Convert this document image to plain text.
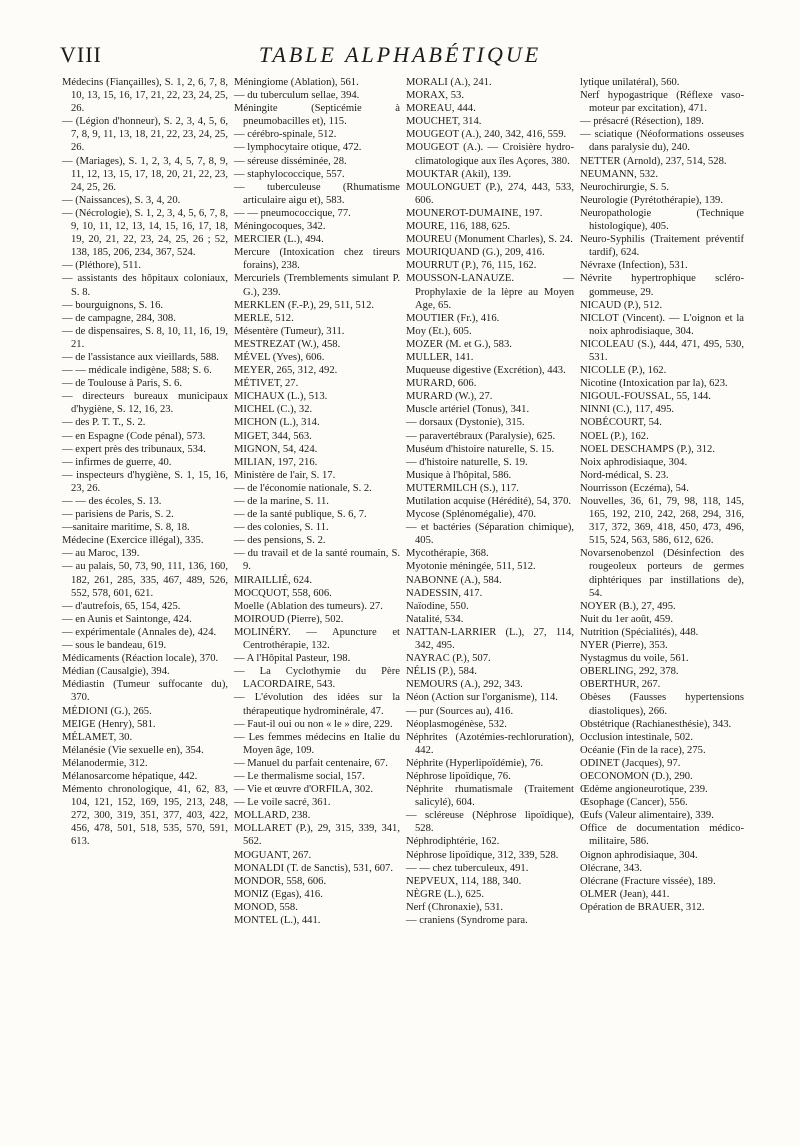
VIII	TABLE ALPHABÉTIQUE

Médecins (Fiançailles), S. 1, 2, 6, 7, 8, 10, 13, 15, 16, 17, 21, 22, 23, 24, 25, 26.

— (Légion d'honneur), S. 2, 3, 4, 5, 6, 7, 8, 9, 11, 13, 18, 21, 22, 23, 24, 25, 26.

— (Mariages), S. 1, 2, 3, 4, 5, 7, 8, 9, 11, 12, 13, 15, 17, 18, 20, 21, 22, 23, 24, 25, 26.

— (Naissances), S. 3, 4, 20.

— (Nécrologie), S. 1, 2, 3, 4, 5, 6, 7, 8, 9, 10, 11, 12, 13, 14, 15, 16, 17, 18, 19, 20, 21, 22, 23, 24, 25, 26 ; 52, 138, 185, 206, 234, 367, 524.

— (Pléthore), 511.

— assistants des hôpitaux coloniaux, S. 8.

— bourguignons, S. 16.

— de campagne, 284, 308.

— de dispensaires, S. 8, 10, 11, 16, 19, 21.

— de l'assistance aux vieillards, 588.

— — médicale indigène, 588; S. 6.

— de Toulouse à Paris, S. 6.

— directeurs bureaux municipaux d'hygiène, S. 12, 16, 23.

— des P. T. T., S. 2.

— en Espagne (Code pénal), 573.

— expert près des tribunaux, 534.

— infirmes de guerre, 40.

— inspecteurs d'hygiène, S. 1, 15, 16, 23, 26.

— — des écoles, S. 13.

— parisiens de Paris, S. 2.

—sanitaire maritime, S. 8, 18.

Médecine (Exercice illégal), 335.

— au Maroc, 139.

— au palais, 50, 73, 90, 111, 136, 160, 182, 261, 285, 335, 467, 489, 526, 552, 578, 601, 621.

— d'autrefois, 65, 154, 425.

— en Aunis et Saintonge, 424.

— expérimentale (Annales de), 424.

— sous le bandeau, 619.

Médicaments (Réaction locale), 370.

Médian (Causalgie), 394.

Médiastin (Tumeur suffocante du), 370.

MÉDIONI (G.), 265.

MEIGE (Henry), 581.

MÉLAMET, 30.

Mélanésie (Vie sexuelle en), 354.

Mélanodermie, 312.

Mélanosarcome hépatique, 442.

Mémento chronologique, 41, 62, 83, 104, 121, 152, 169, 195, 213, 248, 272, 300, 319, 351, 377, 403, 422, 456, 478, 501, 518, 535, 570, 591, 613.

Méningiome (Ablation), 561.

— du tuberculum sellae, 394.

Méningite (Septicémie à pneumobacilles et), 115.

— cérébro-spinale, 512.

— lymphocytaire otique, 472.

— séreuse disséminée, 28.

— staphylococcique, 557.

— tuberculeuse (Rhumatisme articulaire aigu et), 583.

— — pneumococcique, 77.

Méningocoques, 342.

MERCIER (L.), 494.

Mercure (Intoxication chez tireurs forains), 238.

Mercuriels (Tremblements simulant P. G.), 239.

MERKLEN (F.-P.), 29, 511, 512.

MERLE, 512.

Mésentère (Tumeur), 311.

MESTREZAT (W.), 458.

MÉVEL (Yves), 606.

MEYER, 265, 312, 492.

MÉTIVET, 27.

MICHAUX (L.), 513.

MICHEL (C.), 32.

MICHON (L.), 314.

MIGET, 344, 563.

MIGNON, 54, 424.

MILIAN, 197, 216.

Ministère de l'air, S. 17.

— de l'économie nationale, S. 2.

— de la marine, S. 11.

— de la santé publique, S. 6, 7.

— des colonies, S. 11.

— des pensions, S. 2.

— du travail et de la santé roumain, S. 9.

MIRAILLIÉ, 624.

MOCQUOT, 558, 606.

Moelle (Ablation des tumeurs). 27.

MOIROUD (Pierre), 502.

MOLINÉRY. — Apuncture et Centrothérapie, 132.

— A l'Hôpital Pasteur, 198.

— La Cyclothymie du Père LACORDAIRE, 543.

— L'évolution des idées sur la thérapeutique hydrominérale, 47.

— Faut-il oui ou non « le » dire, 229.

— Les femmes médecins en Italie du Moyen âge, 109.

— Manuel du parfait centenaire, 67.

— Le thermalisme social, 157.

— Vie et œuvre d'ORFILA, 302.

— Le voile sacré, 361.

MOLLARD, 238.

MOLLARET (P.), 29, 315, 339, 341, 562.

MOGUANT, 267.

MONALDI (T. de Sanctis), 531, 607.

MONDOR, 558, 606.

MONIZ (Egas), 416.

MONOD, 558.

MONTEL (L.), 441.

MORALI (A.), 241.

MORAX, 53.

MOREAU, 444.

MOUCHET, 314.

MOUGEOT (A.), 240, 342, 416, 559.

MOUGEOT (A.). — Croisière hydro-climatologique aux îles Açores, 380.

MOUKTAR (Akil), 139.

MOULONGUET (P.), 274, 443, 533, 606.

MOUNEROT-DUMAINE, 197.

MOURE, 116, 188, 625.

MOUREU (Monument Charles), S. 24.

MOURIQUAND (G.), 209, 416.

MOURRUT (P.), 76, 115, 162.

MOUSSON-LANAUZE. — Prophylaxie de la lèpre au Moyen Age, 65.

MOUTIER (Fr.), 416.

Moy (Et.), 605.

MOZER (M. et G.), 583.

MULLER, 141.

Muqueuse digestive (Excrétion), 443.

MURARD, 606.

MURARD (W.), 27.

Muscle artériel (Tonus), 341.

— dorsaux (Dystonie), 315.

— paravertébraux (Paralysie), 625.

Muséum d'histoire naturelle, S. 15.

— d'histoire naturelle, S. 19.

Musique à l'hôpital, 586.

MUTERMILCH (S.), 117.

Mutilation acquise (Hérédité), 54, 370.

Mycose (Splénomégalie), 470.

— et bactéries (Séparation chimique), 405.

Mycothérapie, 368.

Myotonie méningée, 511, 512.

NABONNE (A.), 584.

NADESSIN, 417.

Naïodine, 550.

Natalité, 534.

NATTAN-LARRIER (L.), 27, 114, 342, 495.

NAYRAC (P.), 507.

NÉLIS (P.), 584.

NEMOURS (A.), 292, 343.

Néon (Action sur l'organisme), 114.

— pur (Sources au), 416.

Néoplasmogénèse, 532.

Néphrites (Azotémies-rechloruration), 442.

Néphrite (Hyperlipoïdémie), 76.

Néphrose lipoïdique, 76.

Néphrite rhumatismale (Traitement salicylé), 604.

— scléreuse (Néphrose lipoïdique), 528.

Néphrodiphtérie, 162.

Néphrose lipoïdique, 312, 339, 528.

— — chez tuberculeux, 491.

NEPVEUX, 114, 188, 340.

NÈGRE (L.), 625.

Nerf (Chronaxie), 531.

— craniens (Syndrome para.

lytique unilatéral), 560.

Nerf hypogastrique (Réflexe vaso-moteur par excitation), 471.

— présacré (Résection), 189.

— sciatique (Néoformations osseuses dans paralysie du), 240.

NETTER (Arnold), 237, 514, 528.

NEUMANN, 532.

Neurochirurgie, S. 5.

Neurologie (Pyrétothérapie), 139.

Neuropathologie (Technique histologique), 405.

Neuro-Syphilis (Traitement préventif tardif), 624.

Névraxe (Infection), 531.

Névrite hypertrophique scléro-gommeuse, 29.

NICAUD (P.), 512.

NICLOT (Vincent). — L'oignon et la noix aphrodisiaque, 304.

NICOLEAU (S.), 444, 471, 495, 530, 531.

NICOLLE (P.), 162.

Nicotine (Intoxication par la), 623.

NIGOUL-FOUSSAL, 55, 144.

NINNI (C.), 117, 495.

NOBÉCOURT, 54.

NOEL (P.), 162.

NOEL DESCHAMPS (P.), 312.

Noix aphrodisiaque, 304.

Nord-médical, S. 23.

Nourrisson (Eczéma), 54.

Nouvelles, 36, 61, 79, 98, 118, 145, 165, 192, 210, 242, 268, 294, 316, 317, 372, 369, 418, 450, 473, 496, 515, 524, 563, 586, 612, 626.

Novarsenobenzol (Désinfection des rougeoleux porteurs de germes diphtériques par instillations de), 54.

NOYER (B.), 27, 495.

Nuit du 1er août, 459.

Nutrition (Spécialités), 448.

NYER (Pierre), 353.

Nystagmus du voile, 561.

OBERLING, 292, 378.

OBERTHUR, 267.

Obèses (Fausses hypertensions diastoliques), 266.

Obstétrique (Rachianesthésie), 343.

Occlusion intestinale, 502.

Océanie (Fin de la race), 275.

ODINET (Jacques), 97.

OECONOMON (D.), 290.

Œdème angioneurotique, 239.

Œsophage (Cancer), 556.

Œufs (Valeur alimentaire), 339.

Office de documentation médico-militaire, 586.

Oignon aphrodisiaque, 304.

Olécrane, 343.

Olécrane (Fracture vissée), 189.

OLMER (Jean), 441.

Opération de BRAUER, 312.
